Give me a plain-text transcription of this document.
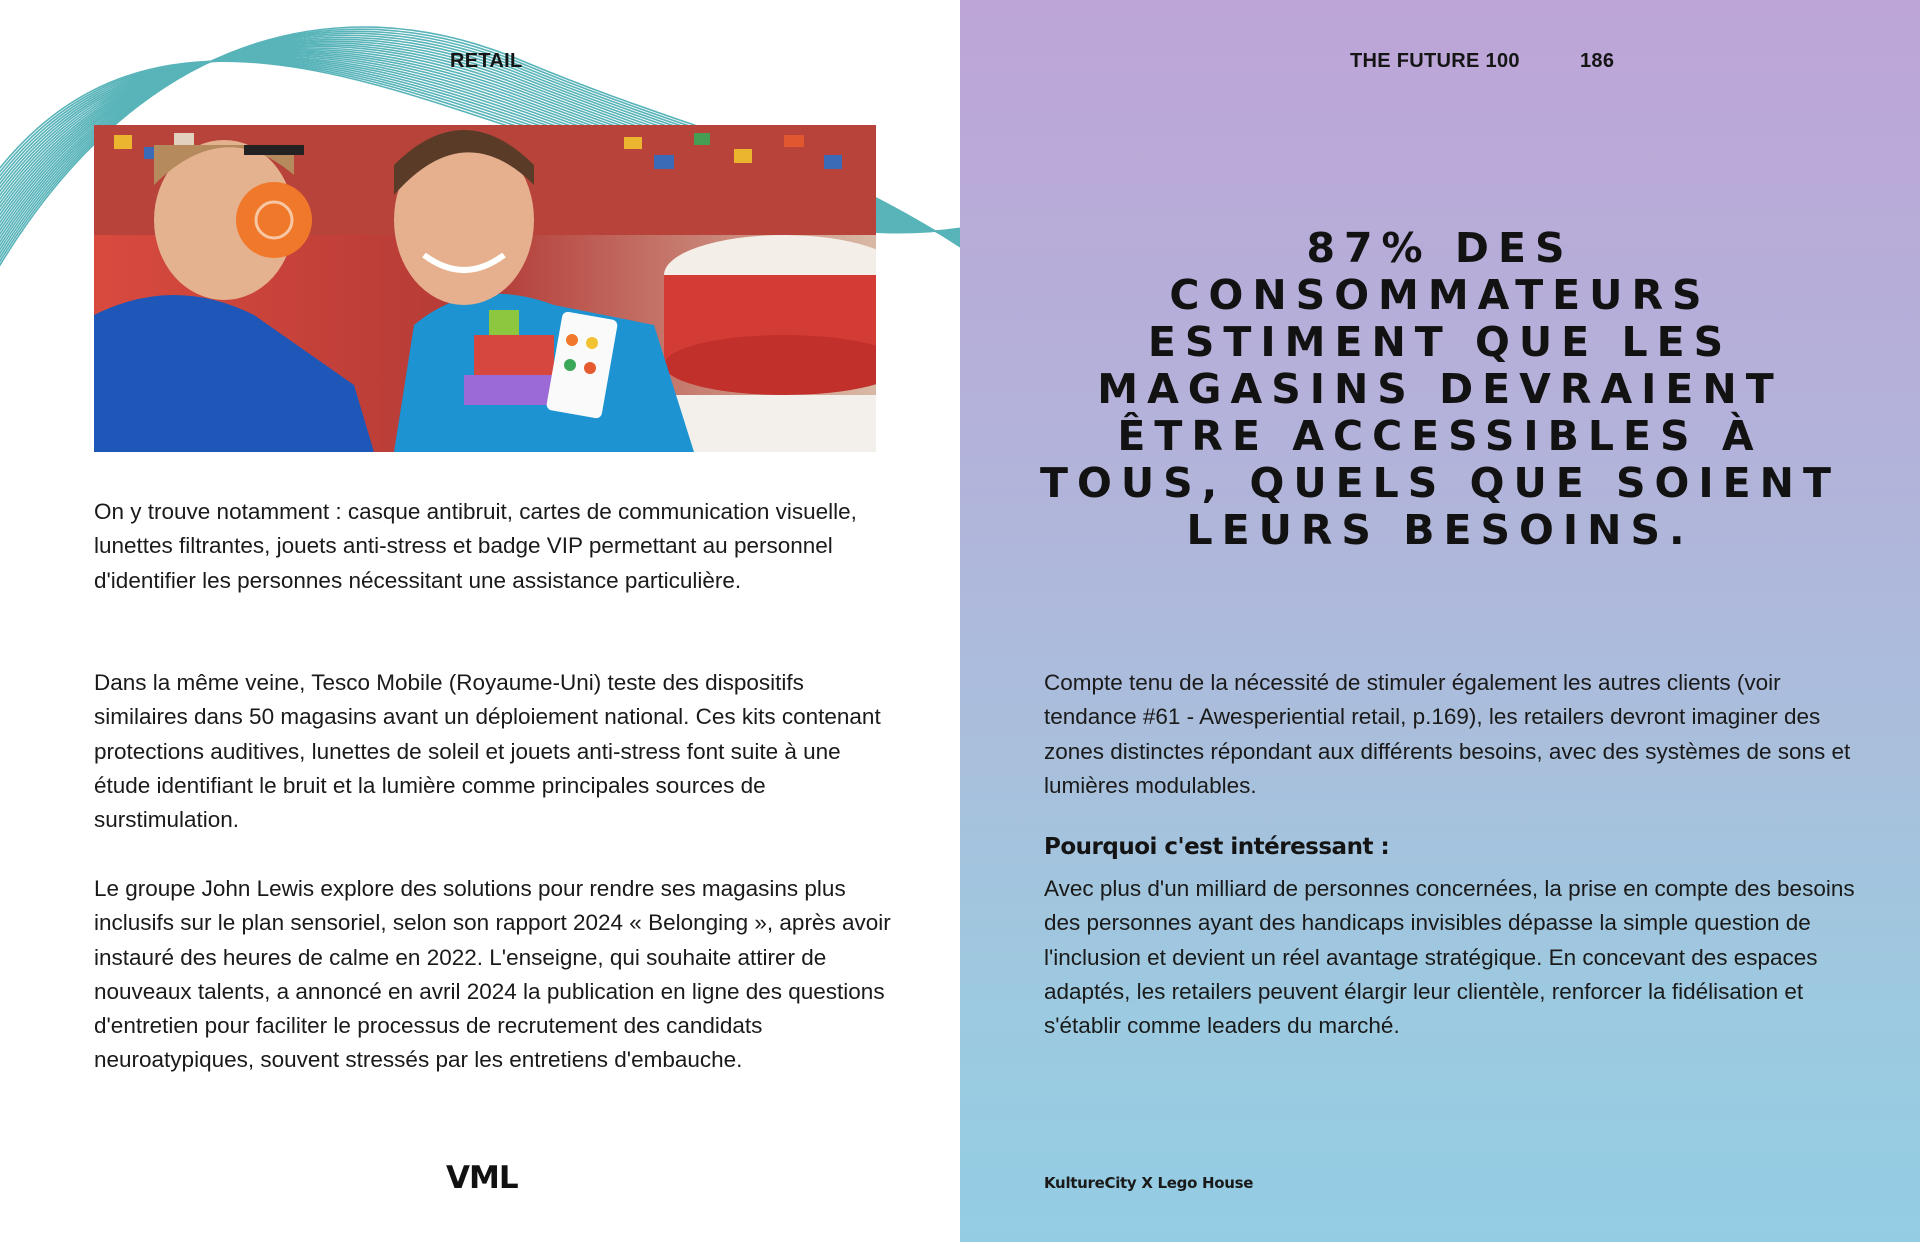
RETAIL

On y trouve notamment : casque antibruit, cartes de communication visuelle, lunettes filtrantes, jouets anti-stress et badge VIP permettant au personnel d'identifier les personnes nécessitant une assistance particulière.

Dans la même veine, Tesco Mobile (Royaume-Uni) teste des dispositifs similaires dans 50 magasins avant un déploiement national. Ces kits contenant protections auditives, lunettes de soleil et jouets anti-stress font suite à une étude identifiant le bruit et la lumière comme principales sources de surstimulation.

Le groupe John Lewis explore des solutions pour rendre ses magasins plus inclusifs sur le plan sensoriel, selon son rapport 2024 « Belonging », après avoir instauré des heures de calme en 2022. L'enseigne, qui souhaite attirer de nouveaux talents, a annoncé en avril 2024 la publication en ligne des questions d'entretien pour faciliter le processus de recrutement des candidats neuroatypiques, souvent stressés par les entretiens d'embauche.

VML
THE FUTURE 100	186
87% DES CONSOMMATEURS ESTIMENT QUE LES MAGASINS DEVRAIENT ÊTRE ACCESSIBLES À TOUS, QUELS QUE SOIENT LEURS BESOINS.

Compte tenu de la nécessité de stimuler également les autres clients (voir tendance #61 - Awesperiential retail, p.169), les retailers devront imaginer des zones distinctes répondant aux différents besoins, avec des systèmes de sons et lumières modulables.

Pourquoi c'est intéressant :

Avec plus d'un milliard de personnes concernées, la prise en compte des besoins des personnes ayant des handicaps invisibles dépasse la simple question de l'inclusion et devient un réel avantage stratégique. En concevant des espaces adaptés, les retailers peuvent élargir leur clientèle, renforcer la fidélisation et s'établir comme leaders du marché.

KultureCity X Lego House
